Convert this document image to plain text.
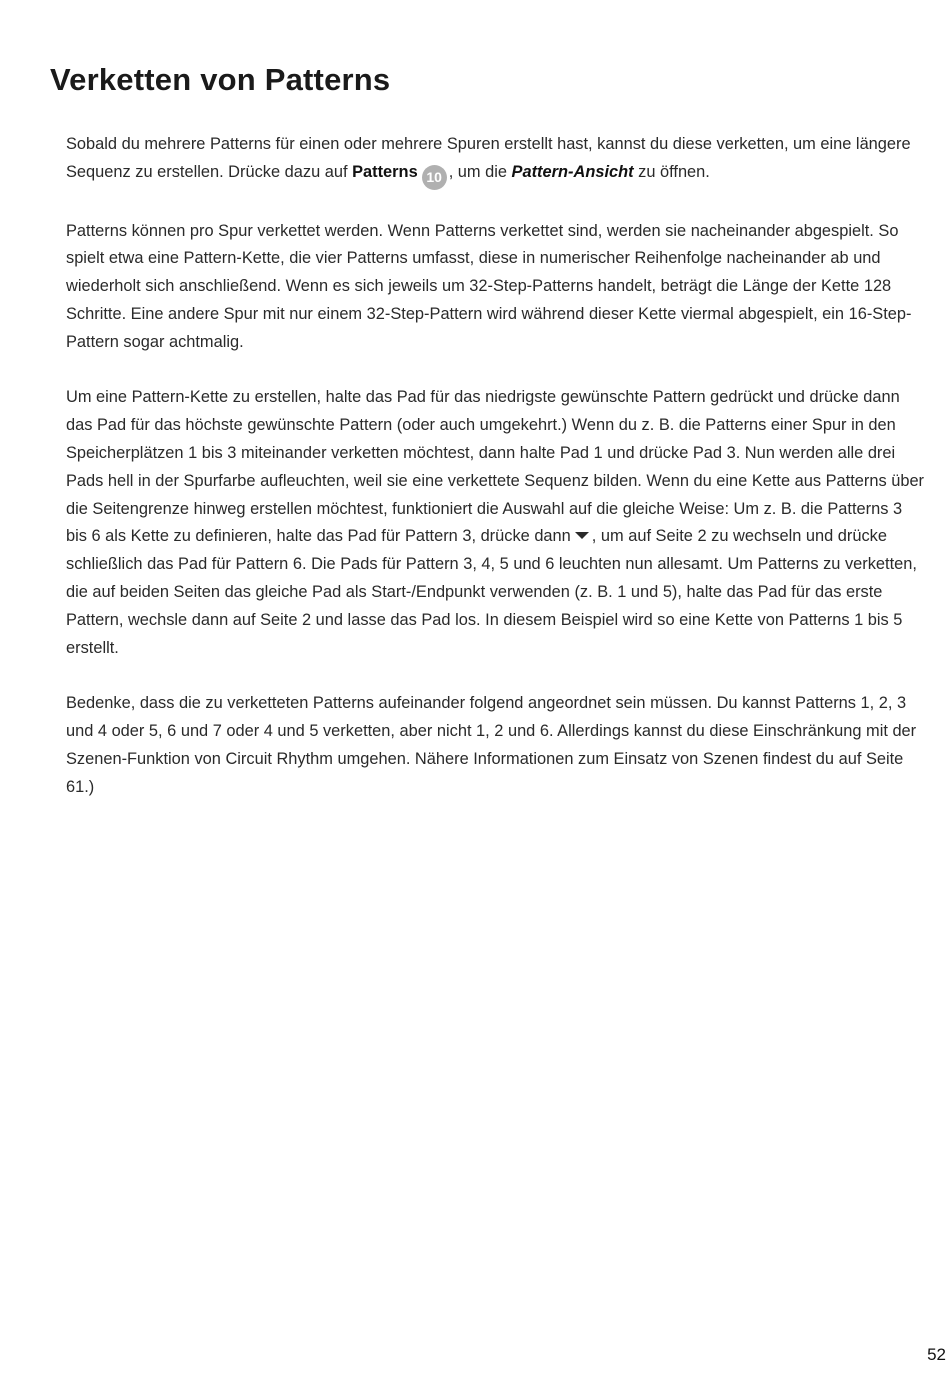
Verketten von Patterns

Sobald du mehrere Patterns für einen oder mehrere Spuren erstellt hast, kannst du diese verketten, um eine längere Sequenz zu erstellen. Drücke dazu auf Patterns 10 , um die Pattern-Ansicht zu öffnen.

Patterns können pro Spur verkettet werden. Wenn Patterns verkettet sind, werden sie nacheinander abgespielt. So spielt etwa eine Pattern-Kette, die vier Patterns umfasst, diese in numerischer Reihenfolge nacheinander ab und wiederholt sich anschließend. Wenn es sich jeweils um 32-Step-Patterns handelt, beträgt die Länge der Kette 128 Schritte. Eine andere Spur mit nur einem 32-Step-Pattern wird während dieser Kette viermal abgespielt, ein 16-Step-Pattern sogar achtmalig.

Um eine Pattern-Kette zu erstellen, halte das Pad für das niedrigste gewünschte Pattern gedrückt und drücke dann das Pad für das höchste gewünschte Pattern (oder auch umgekehrt.) Wenn du z. B. die Patterns einer Spur in den Speicherplätzen 1 bis 3 miteinander verketten möchtest, dann halte Pad 1 und drücke Pad 3. Nun werden alle drei Pads hell in der Spurfarbe aufleuchten, weil sie eine verkettete Sequenz bilden. Wenn du eine Kette aus Patterns über die Seitengrenze hinweg erstellen möchtest, funktioniert die Auswahl auf die gleiche Weise: Um z. B. die Patterns 3 bis 6 als Kette zu definieren, halte das Pad für Pattern 3, drücke dann , um auf Seite 2 zu wechseln und drücke schließlich das Pad für Pattern 6. Die Pads für Pattern 3, 4, 5 und 6 leuchten nun allesamt. Um Patterns zu verketten, die auf beiden Seiten das gleiche Pad als Start-/Endpunkt verwenden (z. B. 1 und 5), halte das Pad für das erste Pattern, wechsle dann auf Seite 2 und lasse das Pad los. In diesem Beispiel wird so eine Kette von Patterns 1 bis 5 erstellt.

Bedenke, dass die zu verketteten Patterns aufeinander folgend angeordnet sein müssen. Du kannst Patterns 1, 2, 3 und 4 oder 5, 6 und 7 oder 4 und 5 verketten, aber nicht 1, 2 und 6. Allerdings kannst du diese Einschränkung mit der Szenen-Funktion von Circuit Rhythm umgehen. Nähere Informationen zum Einsatz von Szenen findest du auf Seite 61.)

52
